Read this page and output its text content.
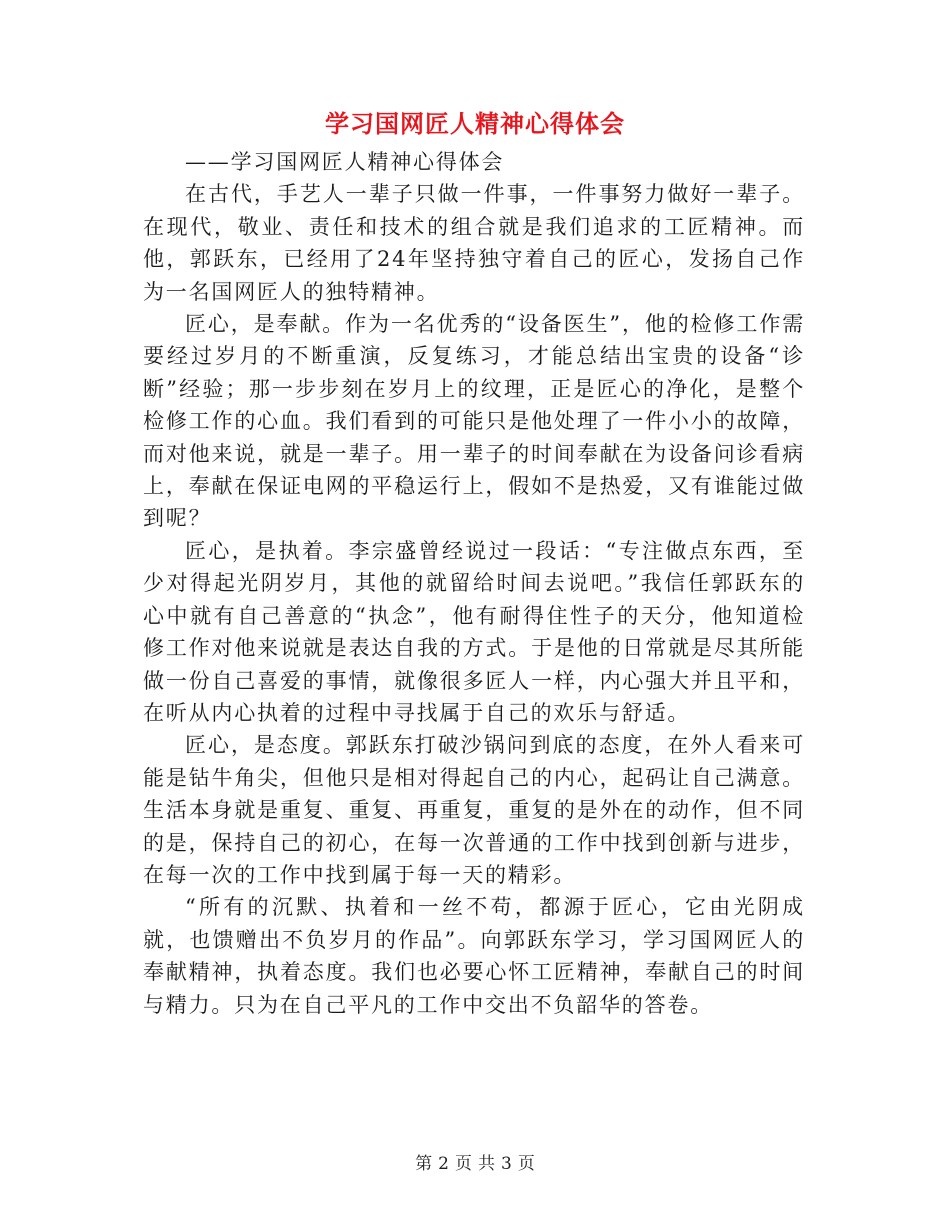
学习国网匠人精神心得体会

——学习国网匠人精神心得体会

在古代，手艺人一辈子只做一件事，一件事努力做好一辈子。在现代，敬业、责任和技术的组合就是我们追求的工匠精神。而他，郭跃东，已经用了24年坚持独守着自己的匠心，发扬自己作为一名国网匠人的独特精神。

匠心，是奉献。作为一名优秀的“设备医生”，他的检修工作需要经过岁月的不断重演，反复练习，才能总结出宝贵的设备“诊断”经验；那一步步刻在岁月上的纹理，正是匠心的净化，是整个检修工作的心血。我们看到的可能只是他处理了一件小小的故障，而对他来说，就是一辈子。用一辈子的时间奉献在为设备问诊看病上，奉献在保证电网的平稳运行上，假如不是热爱，又有谁能过做到呢？

匠心，是执着。李宗盛曾经说过一段话：“专注做点东西，至少对得起光阴岁月，其他的就留给时间去说吧。”我信任郭跃东的心中就有自己善意的“执念”，他有耐得住性子的天分，他知道检修工作对他来说就是表达自我的方式。于是他的日常就是尽其所能做一份自己喜爱的事情，就像很多匠人一样，内心强大并且平和，在听从内心执着的过程中寻找属于自己的欢乐与舒适。

匠心，是态度。郭跃东打破沙锅问到底的态度，在外人看来可能是钻牛角尖，但他只是相对得起自己的内心，起码让自己满意。生活本身就是重复、重复、再重复，重复的是外在的动作，但不同的是，保持自己的初心，在每一次普通的工作中找到创新与进步，在每一次的工作中找到属于每一天的精彩。

“所有的沉默、执着和一丝不苟，都源于匠心，它由光阴成就，也馈赠出不负岁月的作品”。向郭跃东学习，学习国网匠人的奉献精神，执着态度。我们也必要心怀工匠精神，奉献自己的时间与精力。只为在自己平凡的工作中交出不负韶华的答卷。

第 2 页 共 3 页
